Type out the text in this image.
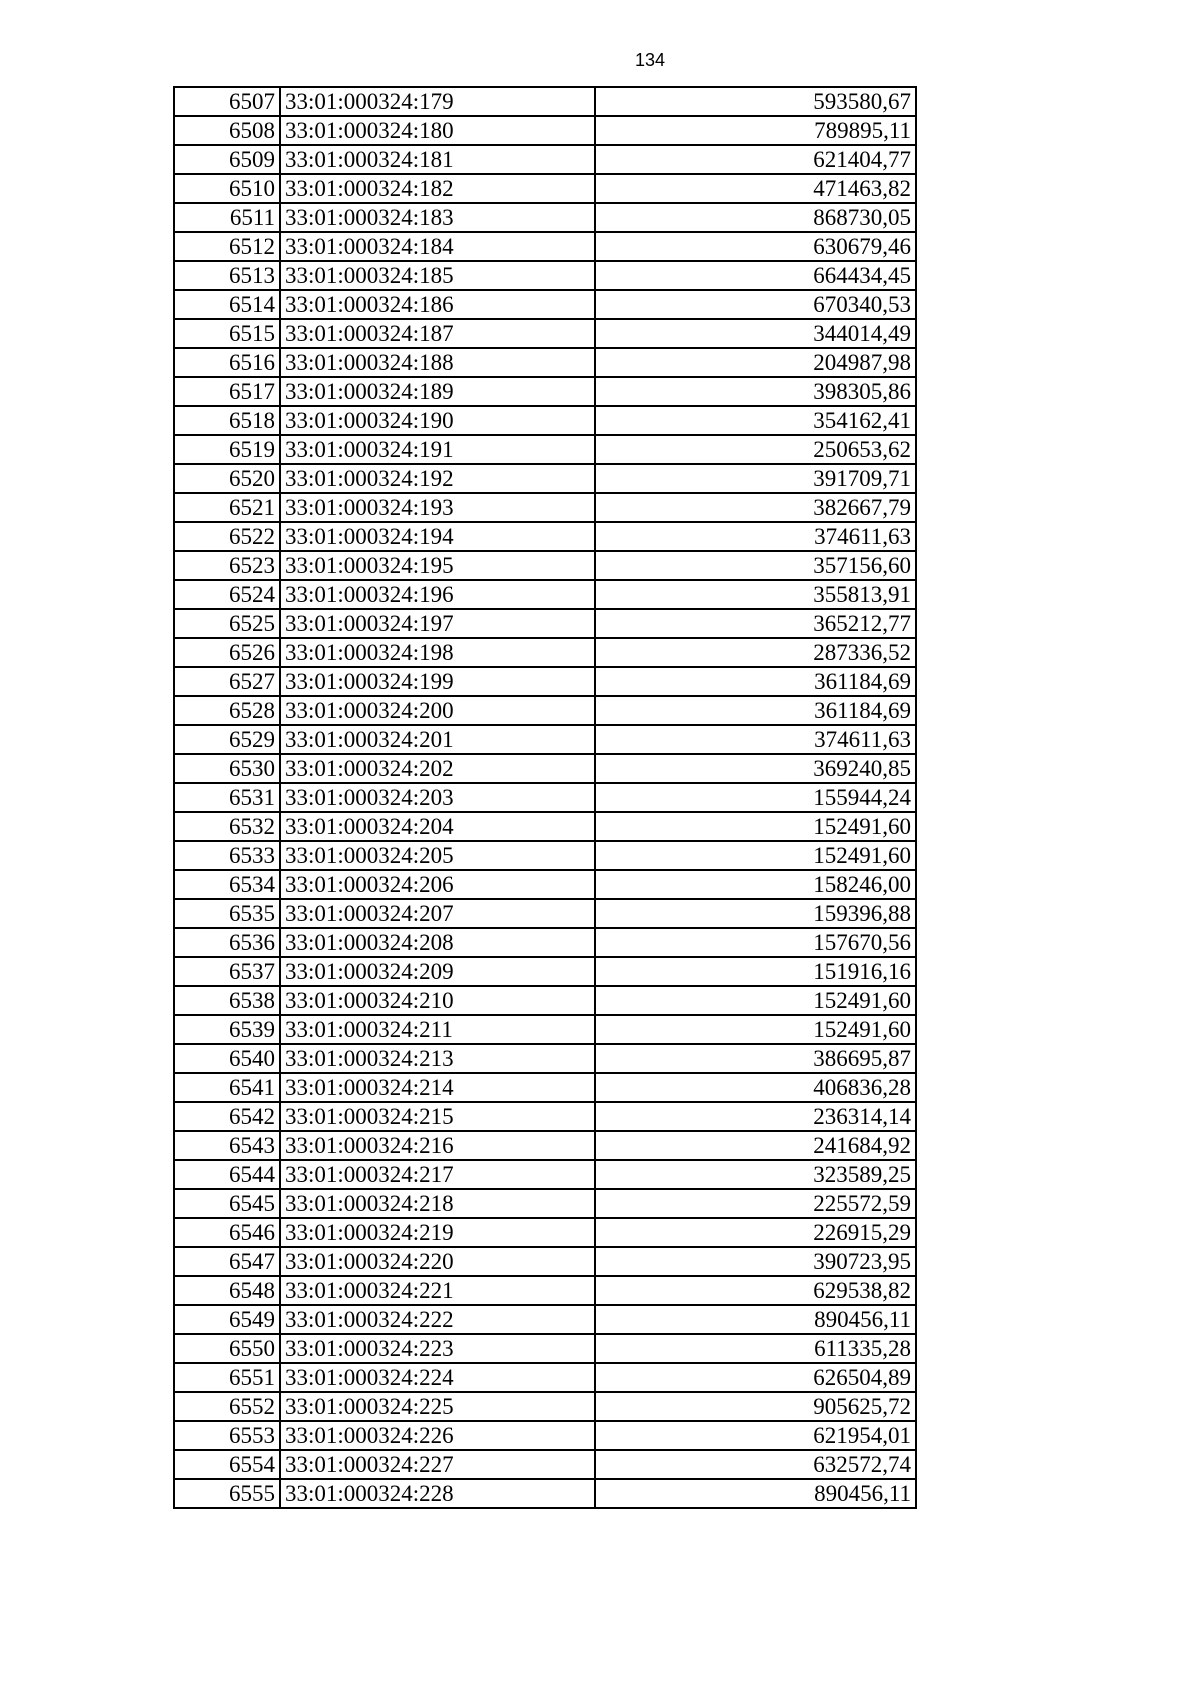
134
6507	33:01:000324:179	593580,67
6508	33:01:000324:180	789895,11
6509	33:01:000324:181	621404,77
6510	33:01:000324:182	471463,82
6511	33:01:000324:183	868730,05
6512	33:01:000324:184	630679,46
6513	33:01:000324:185	664434,45
6514	33:01:000324:186	670340,53
6515	33:01:000324:187	344014,49
6516	33:01:000324:188	204987,98
6517	33:01:000324:189	398305,86
6518	33:01:000324:190	354162,41
6519	33:01:000324:191	250653,62
6520	33:01:000324:192	391709,71
6521	33:01:000324:193	382667,79
6522	33:01:000324:194	374611,63
6523	33:01:000324:195	357156,60
6524	33:01:000324:196	355813,91
6525	33:01:000324:197	365212,77
6526	33:01:000324:198	287336,52
6527	33:01:000324:199	361184,69
6528	33:01:000324:200	361184,69
6529	33:01:000324:201	374611,63
6530	33:01:000324:202	369240,85
6531	33:01:000324:203	155944,24
6532	33:01:000324:204	152491,60
6533	33:01:000324:205	152491,60
6534	33:01:000324:206	158246,00
6535	33:01:000324:207	159396,88
6536	33:01:000324:208	157670,56
6537	33:01:000324:209	151916,16
6538	33:01:000324:210	152491,60
6539	33:01:000324:211	152491,60
6540	33:01:000324:213	386695,87
6541	33:01:000324:214	406836,28
6542	33:01:000324:215	236314,14
6543	33:01:000324:216	241684,92
6544	33:01:000324:217	323589,25
6545	33:01:000324:218	225572,59
6546	33:01:000324:219	226915,29
6547	33:01:000324:220	390723,95
6548	33:01:000324:221	629538,82
6549	33:01:000324:222	890456,11
6550	33:01:000324:223	611335,28
6551	33:01:000324:224	626504,89
6552	33:01:000324:225	905625,72
6553	33:01:000324:226	621954,01
6554	33:01:000324:227	632572,74
6555	33:01:000324:228	890456,11
